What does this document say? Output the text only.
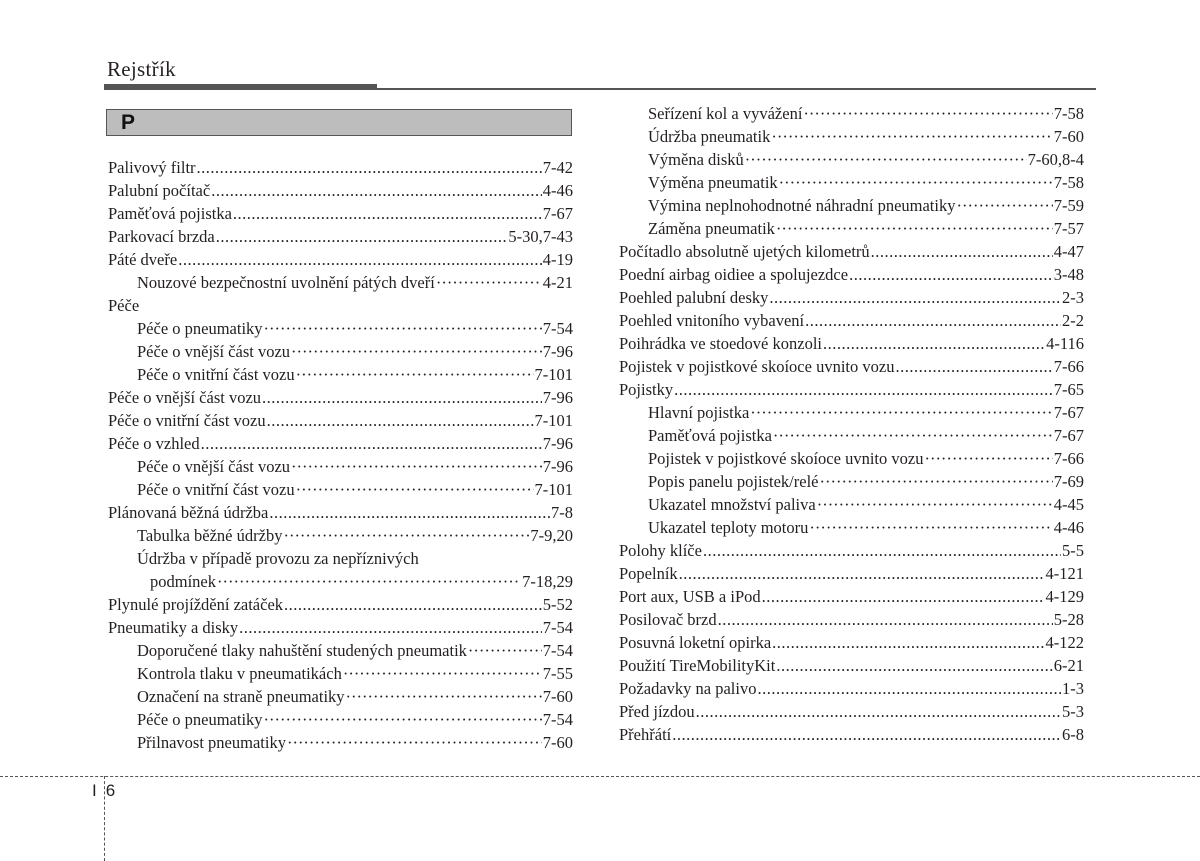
Rejstřík
P
Palivový filtr .....	7-42
Palubní počítač .....	4-46
Paměťová pojistka .....	7-67
Parkovací brzda .....	5-30,7-43
Páté dveře .....	4-19
Nouzové bezpečnostní uvolnění pátých dveří ·····	4-21
Péče
Péče o pneumatiky ·····	7-54
Péče o vnější část vozu ·····	7-96
Péče o vnitřní část vozu ·····	7-101
Péče o vnější část vozu .....	7-96
Péče o vnitřní část vozu .....	7-101
Péče o vzhled .....	7-96
Péče o vnější část vozu ·····	7-96
Péče o vnitřní část vozu ·····	7-101
Plánovaná běžná údržba .....	7-8
Tabulka běžné údržby ·····	7-9,20
Údržba v případě provozu za nepříznivých
podmínek ·····	7-18,29
Plynulé projíždění zatáček .....	5-52
Pneumatiky a disky .....	7-54
Doporučené tlaky nahuštění studených pneumatik ·····	7-54
Kontrola tlaku v pneumatikách ·····	7-55
Označení na straně pneumatiky ·····	7-60
Péče o pneumatiky ·····	7-54
Přilnavost pneumatiky ·····	7-60
Seřízení kol a vyvážení ·····	7-58
Údržba pneumatik ·····	7-60
Výměna disků ·····	7-60,8-4
Výměna pneumatik ·····	7-58
Výmina neplnohodnotné náhradní pneumatiky ·····	7-59
Záměna pneumatik ·····	7-57
Počítadlo absolutně ujetých kilometrů .....	4-47
Poední airbag oidiee a spolujezdce .....	3-48
Poehled palubní desky .....	2-3
Poehled vnitoního vybavení .....	2-2
Poihrádka ve stoedové konzoli .....	4-116
Pojistek v pojistkové skoíoce uvnito vozu .....	7-66
Pojistky .....	7-65
Hlavní pojistka ·····	7-67
Paměťová pojistka ·····	7-67
Pojistek v pojistkové skoíoce uvnito vozu ·····	7-66
Popis panelu pojistek/relé ·····	7-69
Ukazatel množství paliva ·····	4-45
Ukazatel teploty motoru ·····	4-46
Polohy klíče .....	5-5
Popelník .....	4-121
Port aux, USB a iPod .....	4-129
Posilovač brzd .....	5-28
Posuvná loketní opirka .....	4-122
Použití TireMobilityKit .....	6-21
Požadavky na palivo .....	1-3
Před jízdou .....	5-3
Přehřátí .....	6-8
I 6
